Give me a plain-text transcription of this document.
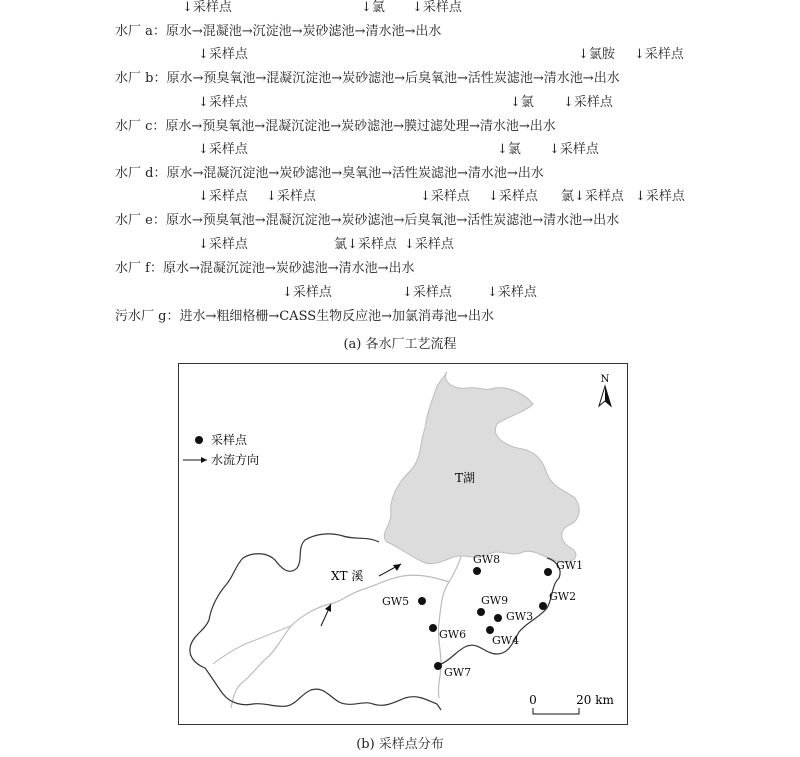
↓采样点	↓氯 ↓采样点
水厂 a：原水→混凝池→沉淀池→炭砂滤池→清水池→出水
↓采样点	↓氯胺 ↓采样点
水厂 b：原水→预臭氧池→混凝沉淀池→炭砂滤池→后臭氧池→活性炭滤池→清水池→出水
↓采样点	↓氯 ↓采样点
水厂 c：原水→预臭氧池→混凝沉淀池→炭砂滤池→膜过滤处理→清水池→出水
↓采样点	↓氯 ↓采样点
水厂 d：原水→混凝沉淀池→炭砂滤池→臭氧池→活性炭滤池→清水池→出水
↓采样点 ↓采样点	↓采样点 ↓采样点 氯↓采样点 ↓采样点
水厂 e：原水→预臭氧池→混凝沉淀池→炭砂滤池→后臭氧池→活性炭滤池→清水池→出水
↓采样点	氯↓采样点 ↓采样点
水厂 f：原水→混凝沉淀池→炭砂滤池→清水池→出水
↓采样点	↓采样点	↓采样点
污水厂 g：进水→粗细格栅→CASS生物反应池→加氯消毒池→出水
(a) 各水厂工艺流程
GW1
GW2
GW3
GW4
GW5
GW6
GW7
GW8
GW9
采样点
水流方向
T湖
XT 溪
N
0	20 km
(b) 采样点分布
